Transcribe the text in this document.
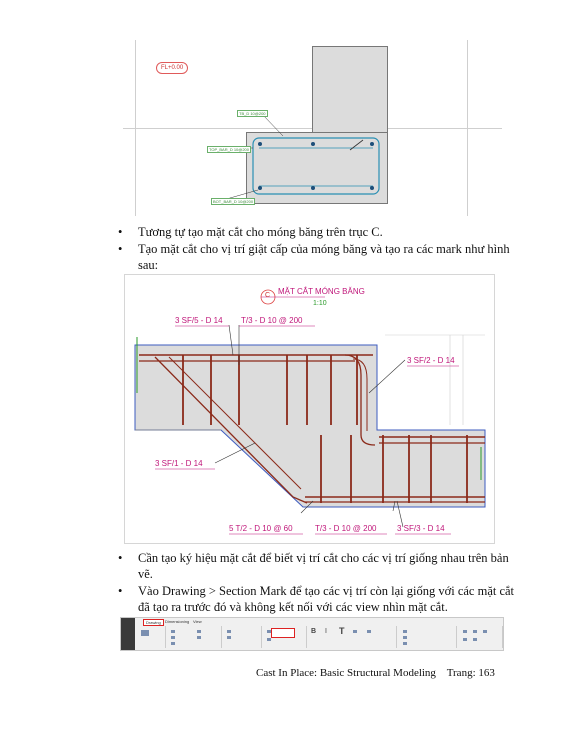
FL+0.00
TB_D 10@200
TOP_BAR_D 10@200
BOT_BAR_D 10@200
• Tương tự tạo mặt cắt cho móng băng trên trục C.
• Tạo mặt cắt cho vị trí giật cấp của móng băng và tạo ra các mark như hình sau:
C MẶT CẮT MÓNG BĂNG
1:10
3 SF/5 - D 14 T/3 - D 10 @ 200
3 SF/2 - D 14
3 SF/1 - D 14
5 T/2 - D 10 @ 60	T/3 - D 10 @ 200	3 SF/3 - D 14
• Cần tạo ký hiệu mặt cắt để biết vị trí cắt cho các vị trí giống nhau trên bản vẽ.
• Vào Drawing > Section Mark để tạo các vị trí còn lại giống với các mặt cắt đã tạo ra trước đó và không kết nối với các view nhìn mặt cắt.
Drawing	Dimensioning View
B I T
Cast In Place: Basic Structural Modeling Trang: 163
